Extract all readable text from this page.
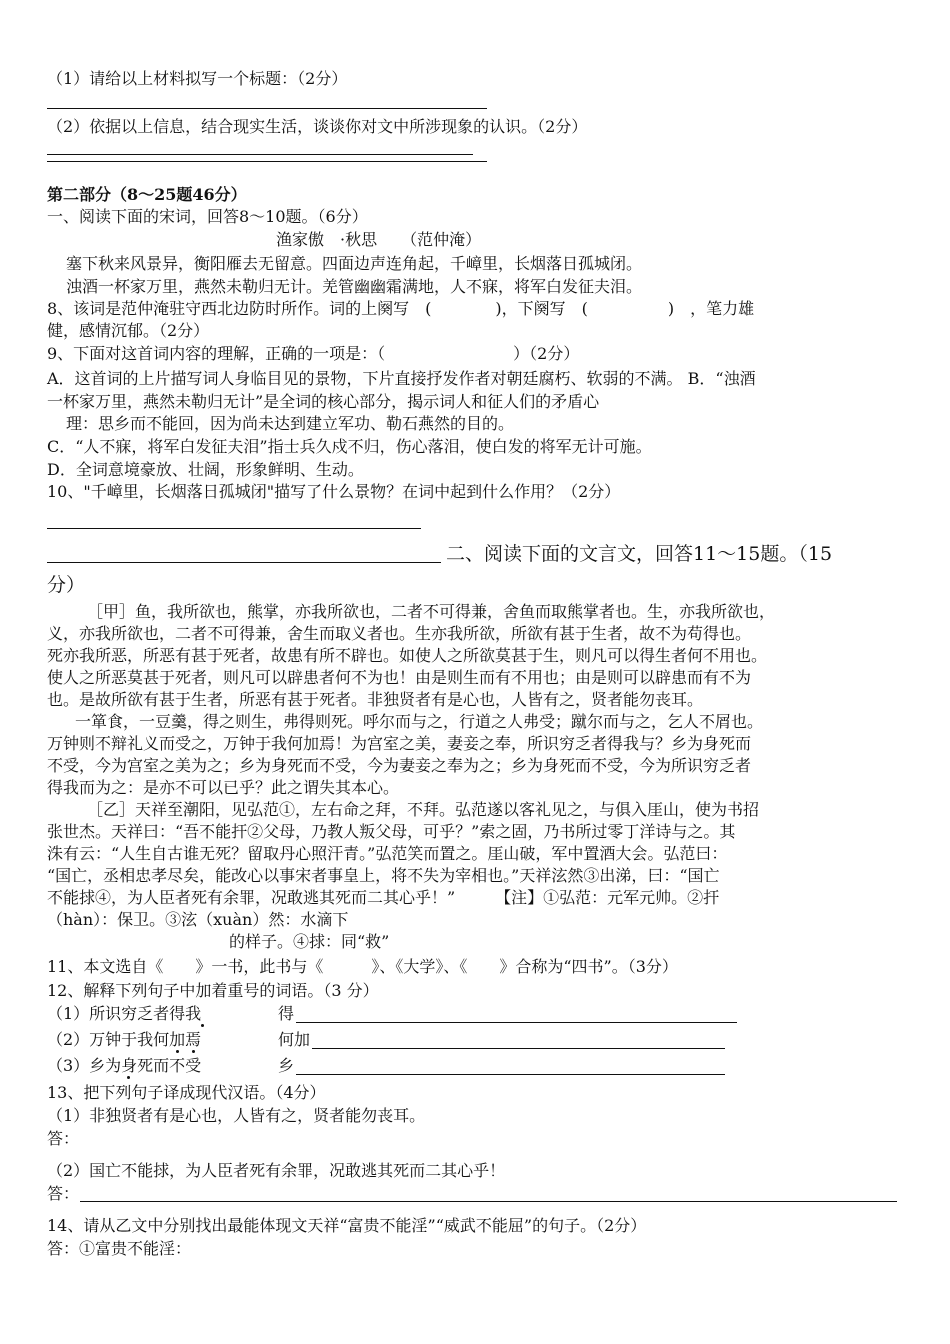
（1）请给以上材料拟写一个标题：（2分）
（2）依据以上信息，结合现实生活，谈谈你对文中所涉现象的认识。（2分）
第二部分（8～25题46分）
一、阅读下面的宋词，回答8～10题。（6分）
渔家傲　·秋思　　（范仲淹）
塞下秋来风景异，衡阳雁去无留意。四面边声连角起，千嶂里，长烟落日孤城闭。
浊酒一杯家万里，燕然未勒归无计。羌管幽幽霜满地，人不寐，将军白发征夫泪。
8、该词是范仲淹驻守西北边防时所作。词的上阕写　(　　　　)，下阕写　(　　　　　)　，笔力雄
健，感情沉郁。（2分）
9、下面对这首词内容的理解，正确的一项是：（　　　　　　　　）（2分）
A．这首词的上片描写词人身临目见的景物，下片直接抒发作者对朝廷腐朽、软弱的不满。 B．“浊酒
一杯家万里，燕然未勒归无计”是全词的核心部分，揭示词人和征人们的矛盾心
理：思乡而不能回，因为尚未达到建立军功、勒石燕然的目的。
C．“人不寐，将军白发征夫泪”指士兵久戍不归，伤心落泪，使白发的将军无计可施。
D．全词意境豪放、壮阔，形象鲜明、生动。
10、"千嶂里，长烟落日孤城闭"描写了什么景物？在词中起到什么作用？（2分）
二、阅读下面的文言文，回答11～15题。（15
分）
［甲］鱼，我所欲也，熊掌，亦我所欲也，二者不可得兼，舍鱼而取熊掌者也。生，亦我所欲也，
义，亦我所欲也，二者不可得兼，舍生而取义者也。生亦我所欲，所欲有甚于生者，故不为苟得也。
死亦我所恶，所恶有甚于死者，故患有所不辟也。如使人之所欲莫甚于生，则凡可以得生者何不用也。
使人之所恶莫甚于死者，则凡可以辟患者何不为也！由是则生而有不用也；由是则可以辟患而有不为
也。是故所欲有甚于生者，所恶有甚于死者。非独贤者有是心也，人皆有之，贤者能勿丧耳。
一箪食，一豆羹，得之则生，弗得则死。呼尔而与之，行道之人弗受；蹴尔而与之，乞人不屑也。
万钟则不辩礼义而受之，万钟于我何加焉！为宫室之美，妻妾之奉，所识穷乏者得我与？乡为身死而
不受，今为宫室之美为之；乡为身死而不受，今为妻妾之奉为之；乡为身死而不受，今为所识穷乏者
得我而为之：是亦不可以已乎？此之谓失其本心。
［乙］天祥至潮阳，见弘范①，左右命之拜，不拜。弘范遂以客礼见之，与俱入厓山，使为书招
张世杰。天祥曰：“吾不能扞②父母，乃教人叛父母，可乎？”索之固，乃书所过零丁洋诗与之。其
洙有云：“人生自古谁无死？留取丹心照汗青。”弘范笑而置之。厓山破，军中置酒大会。弘范曰：
“国亡，丞相忠孝尽矣，能改心以事宋者事皇上，将不失为宰相也。”天祥泫然③出涕，曰：“国亡
不能捄④，为人臣者死有余罪，况敢逃其死而二其心乎！”　　　【注】①弘范：元军元帅。②扞
（hàn）：保卫。③泫（xuàn）然：水滴下
的样子。④捄：同“救”
11、本文选自《　　》一书，此书与《　　　》、《大学》、《　　》合称为“四书”。（3分）
12、解释下列句子中加着重号的词语。（3 分）
（1）所识穷乏者得我	得
（2）万钟于我何加焉	何加
（3）乡为身死而不受	乡
13、把下列句子译成现代汉语。（4分）
（1）非独贤者有是心也，人皆有之，贤者能勿丧耳。
答：
（2）国亡不能捄，为人臣者死有余罪，况敢逃其死而二其心乎！
答：
14、请从乙文中分别找出最能体现文天祥“富贵不能淫”“威武不能屈”的句子。（2分）
答：①富贵不能淫：
